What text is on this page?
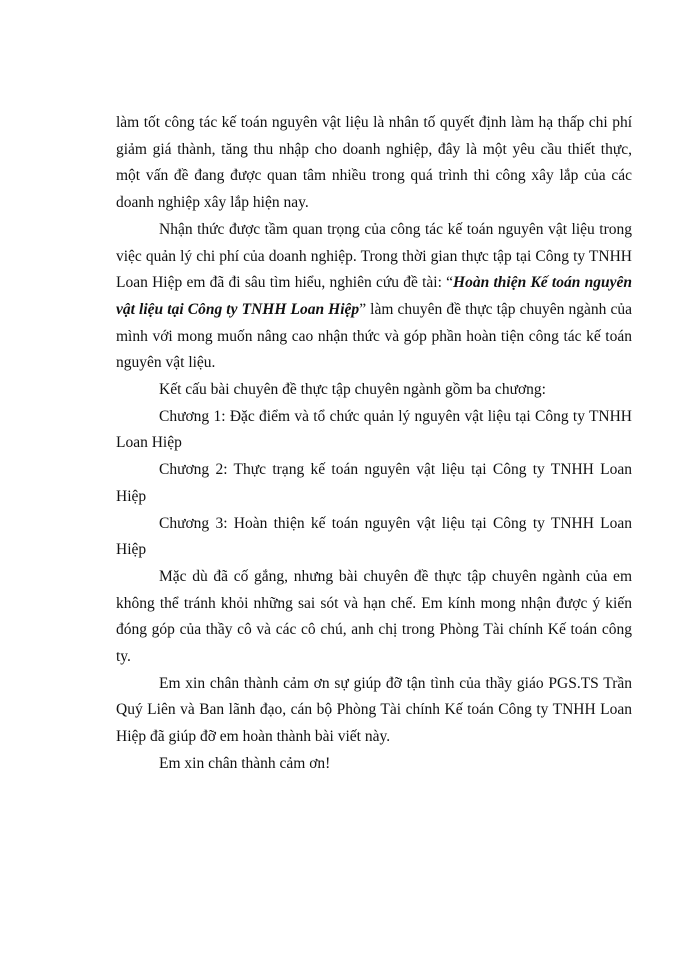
làm tốt công tác kế toán nguyên vật liệu là nhân tố quyết định làm hạ thấp chi phí giảm giá thành, tăng thu nhập cho doanh nghiệp, đây là một yêu cầu thiết thực, một vấn đề đang được quan tâm nhiều trong quá trình thi công xây lắp của các doanh nghiệp xây lắp hiện nay.

Nhận thức được tầm quan trọng của công tác kế toán nguyên vật liệu trong việc quản lý chi phí của doanh nghiệp. Trong thời gian thực tập tại Công ty TNHH Loan Hiệp em đã đi sâu tìm hiểu, nghiên cứu đề tài: “Hoàn thiện Kế toán nguyên vật liệu tại Công ty TNHH Loan Hiệp” làm chuyên đề thực tập chuyên ngành của mình với mong muốn nâng cao nhận thức và góp phần hoàn tiện công tác kế toán nguyên vật liệu.

Kết cấu bài chuyên đề thực tập chuyên ngành gồm ba chương:

Chương 1: Đặc điểm và tổ chức quản lý nguyên vật liệu tại Công ty TNHH Loan Hiệp

Chương 2: Thực trạng kế toán nguyên vật liệu tại Công ty TNHH Loan Hiệp

Chương 3: Hoàn thiện kế toán nguyên vật liệu tại Công ty TNHH Loan Hiệp

Mặc dù đã cố gắng, nhưng bài chuyên đề thực tập chuyên ngành của em không thể tránh khỏi những sai sót và hạn chế. Em kính mong nhận được ý kiến đóng góp của thầy cô và các cô chú, anh chị trong Phòng Tài chính Kế toán công ty.

Em xin chân thành cảm ơn sự giúp đỡ tận tình của thầy giáo PGS.TS Trần Quý Liên và Ban lãnh đạo, cán bộ Phòng Tài chính Kế toán Công ty TNHH Loan Hiệp đã giúp đỡ em hoàn thành bài viết này.

Em xin chân thành cảm ơn!
